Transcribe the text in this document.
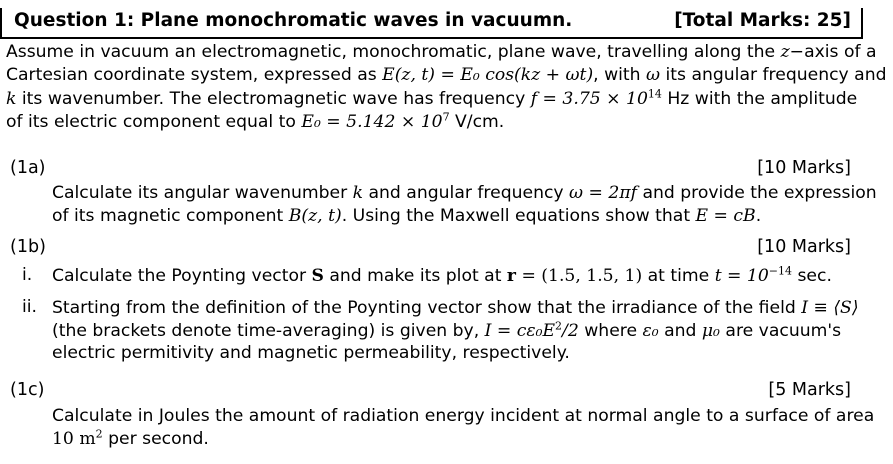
Question 1: Plane monochromatic waves in vacuumn.	[Total Marks: 25]
Assume in vacuum an electromagnetic, monochromatic, plane wave, travelling along the z−axis of a
Cartesian coordinate system, expressed as E(z, t) = E₀ cos(kz + ωt), with ω its angular frequency and
k its wavenumber. The electromagnetic wave has frequency $f = 3.75 \times 10^{14}$ Hz with the amplitude
of its electric component equal to $E_0 = 5.142 \times 10^7$ V/cm.
(1a)	[10 Marks]
Calculate its angular wavenumber k and angular frequency ω = 2πf and provide the expression
of its magnetic component B(z, t). Using the Maxwell equations show that E = cB.
(1b)	[10 Marks]
i. Calculate the Poynting vector S and make its plot at r = (1.5, 1.5, 1) at time $t = 10^{-14}$ sec.
ii. Starting from the definition of the Poynting vector show that the irradiance of the field I ≡ ⟨S⟩
(the brackets denote time-averaging) is given by, $I = c\varepsilon_0E^2/2$ where ε₀ and μ₀ are vacuum's
electric permitivity and magnetic permeability, respectively.
(1c)	[5 Marks]
Calculate in Joules the amount of radiation energy incident at normal angle to a surface of area
10 $m^2$ per second.
